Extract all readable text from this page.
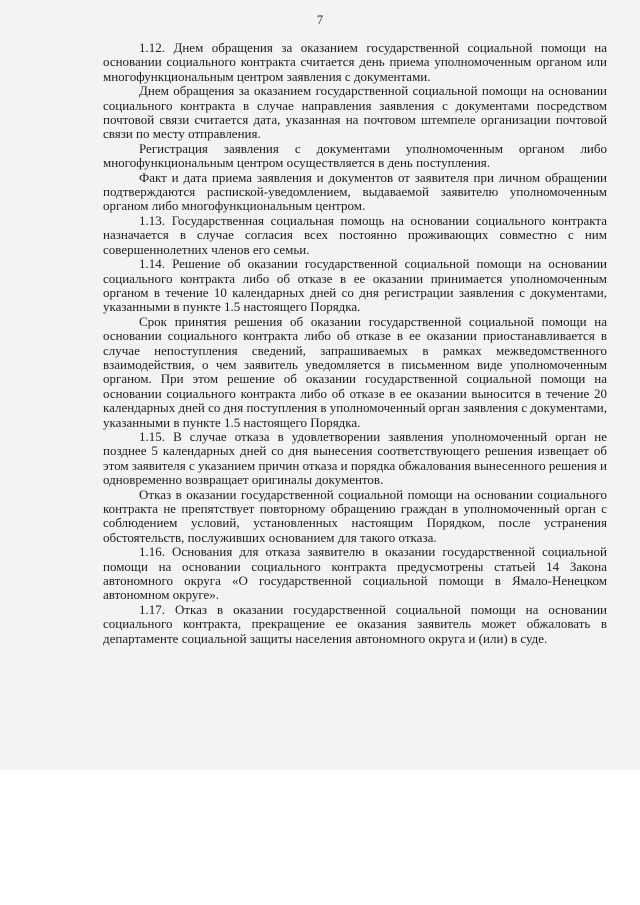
7

1.12. Днем обращения за оказанием государственной социальной помощи на основании социального контракта считается день приема уполномоченным органом или многофункциональным центром заявления с документами.

Днем обращения за оказанием государственной социальной помощи на основании социального контракта в случае направления заявления с документами посредством почтовой связи считается дата, указанная на почтовом штемпеле организации почтовой связи по месту отправления.

Регистрация заявления с документами уполномоченным органом либо многофункциональным центром осуществляется в день поступления.

Факт и дата приема заявления и документов от заявителя при личном обращении подтверждаются распиской-уведомлением, выдаваемой заявителю уполномоченным органом либо многофункциональным центром.

1.13. Государственная социальная помощь на основании социального контракта назначается в случае согласия всех постоянно проживающих совместно с ним совершеннолетних членов его семьи.

1.14. Решение об оказании государственной социальной помощи на основании социального контракта либо об отказе в ее оказании принимается уполномоченным органом в течение 10 календарных дней со дня регистрации заявления с документами, указанными в пункте 1.5 настоящего Порядка.

Срок принятия решения об оказании государственной социальной помощи на основании социального контракта либо об отказе в ее оказании приостанавливается в случае непоступления сведений, запрашиваемых в рамках межведомственного взаимодействия, о чем заявитель уведомляется в письменном виде уполномоченным органом. При этом решение об оказании государственной социальной помощи на основании социального контракта либо об отказе в ее оказании выносится в течение 20 календарных дней со дня поступления в уполномоченный орган заявления с документами, указанными в пункте 1.5 настоящего Порядка.

1.15. В случае отказа в удовлетворении заявления уполномоченный орган не позднее 5 календарных дней со дня вынесения соответствующего решения извещает об этом заявителя с указанием причин отказа и порядка обжалования вынесенного решения и одновременно возвращает оригиналы документов.

Отказ в оказании государственной социальной помощи на основании социального контракта не препятствует повторному обращению граждан в уполномоченный орган с соблюдением условий, установленных настоящим Порядком, после устранения обстоятельств, послуживших основанием для такого отказа.

1.16. Основания для отказа заявителю в оказании государственной социальной помощи на основании социального контракта предусмотрены статьей 14 Закона автономного округа «О государственной социальной помощи в Ямало-Ненецком автономном округе».

1.17. Отказ в оказании государственной социальной помощи на основании социального контракта, прекращение ее оказания заявитель может обжаловать в департаменте социальной защиты населения автономного округа и (или) в суде.
